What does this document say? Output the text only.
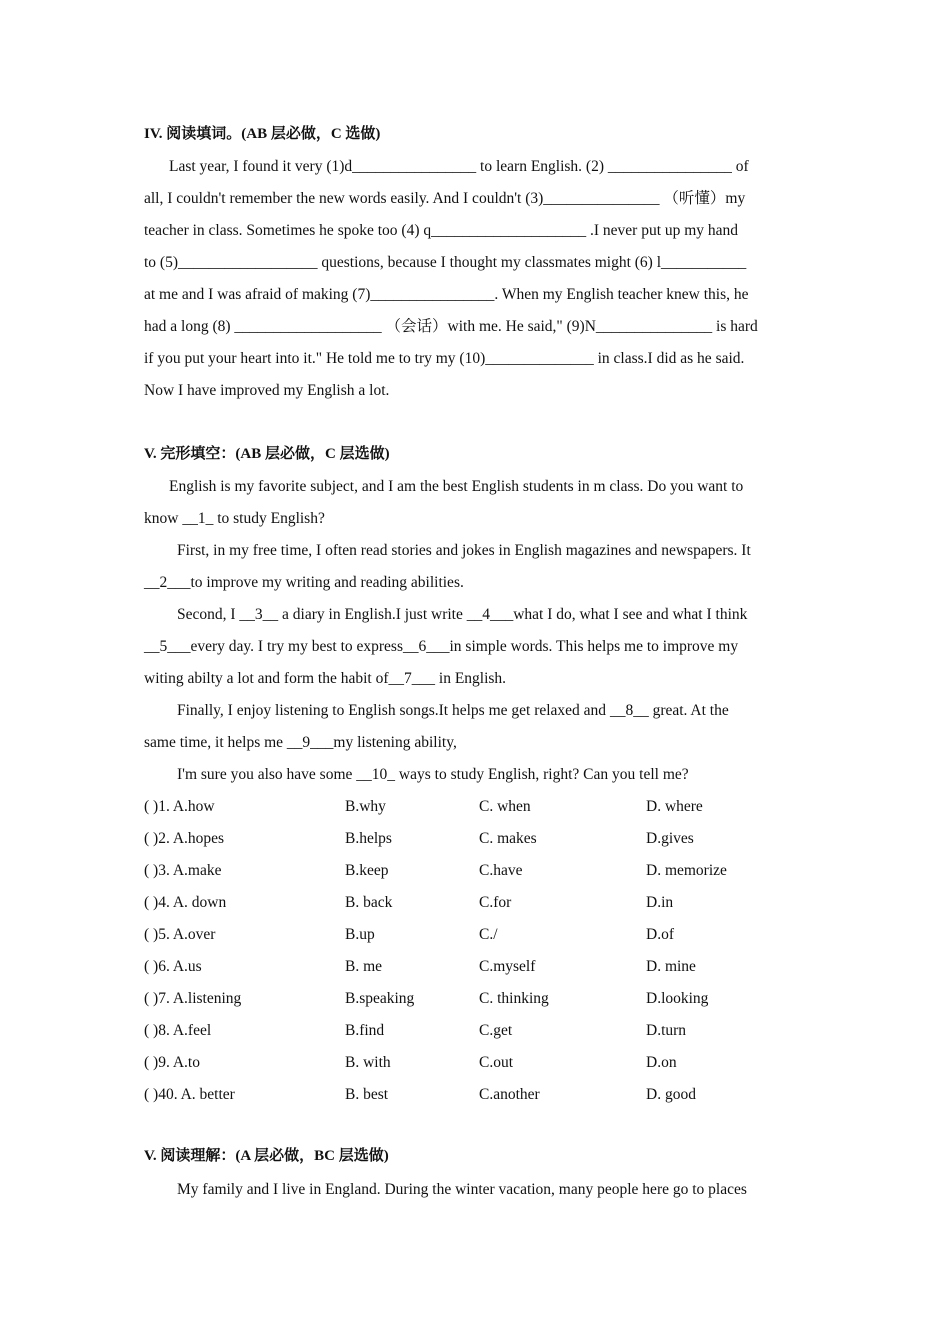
IV. 阅读填词。(AB 层必做，C 选做)
Last year, I found it very (1)d________________ to learn English. (2) ________________ of
all, I couldn't remember the new words easily. And I couldn't (3)_______________ （听懂）my
teacher in class. Sometimes he spoke too (4) q____________________ .I never put up my hand
to (5)__________________ questions, because I thought my classmates might (6) l___________
at me and I was afraid of making (7)________________. When my English teacher knew this, he
had a long (8) ___________________ （会话）with me. He said," (9)N_______________ is hard
if you put your heart into it." He told me to try my (10)______________ in class.I did as he said.
Now I have improved my English a lot.
V. 完形填空：(AB 层必做，C 层选做)
English is my favorite subject, and I am the best English students in m class. Do you want to
know __1_ to study English?
First, in my free time, I often read stories and jokes in English magazines and newspapers. It
__2___to improve my writing and reading abilities.
Second, I __3__ a diary in English.I just write __4___what I do, what I see and what I think
__5___every day. I try my best to express__6___in simple words. This helps me to improve my
witing abilty a lot and form the habit of__7___ in English.
Finally, I enjoy listening to English songs.It helps me get relaxed and __8__ great. At the
same time, it helps me __9___my listening ability,
I'm sure you also have some __10_ ways to study English, right? Can you tell me?
( )1. A.how	B.why	C. when	D. where
( )2. A.hopes	B.helps	C. makes	D.gives
( )3. A.make	B.keep	C.have	D. memorize
( )4. A. down	B. back	C.for	D.in
( )5. A.over	B.up	C./	D.of
( )6. A.us	B. me	C.myself	D. mine
( )7. A.listening	B.speaking	C. thinking	D.looking
( )8. A.feel	B.find	C.get	D.turn
( )9. A.to	B. with	C.out	D.on
( )40. A. better	B. best	C.another	D. good
V. 阅读理解：(A 层必做，BC 层选做)
My family and I live in England. During the winter vacation, many people here go to places
